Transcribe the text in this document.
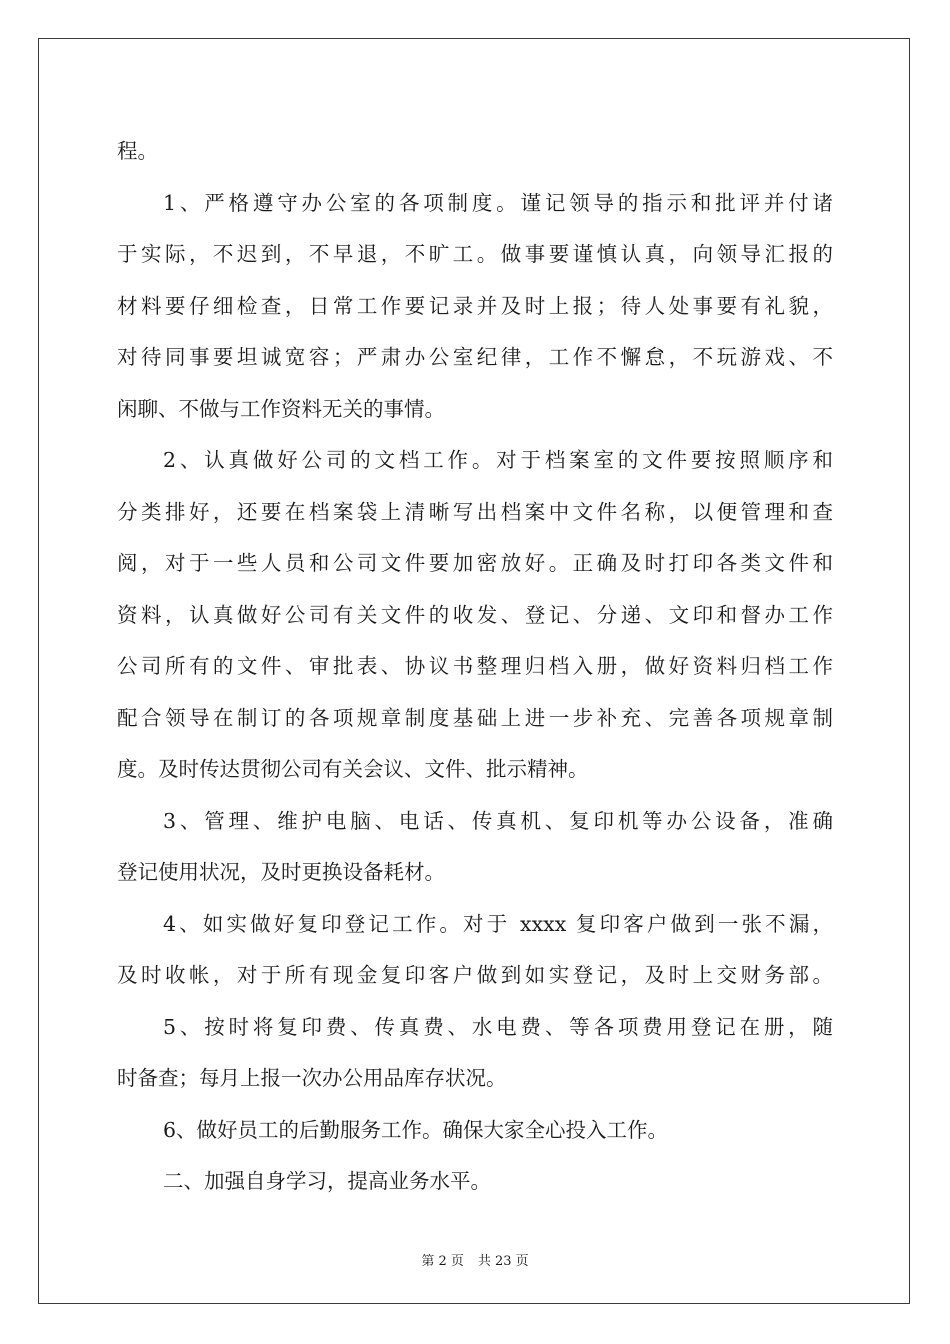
程。
1、严格遵守办公室的各项制度。谨记领导的指示和批评并付诸
于实际，不迟到，不早退，不旷工。做事要谨慎认真，向领导汇报的
材料要仔细检查，日常工作要记录并及时上报；待人处事要有礼貌，
对待同事要坦诚宽容；严肃办公室纪律，工作不懈怠，不玩游戏、不
闲聊、不做与工作资料无关的事情。
2、认真做好公司的文档工作。对于档案室的文件要按照顺序和
分类排好，还要在档案袋上清晰写出档案中文件名称，以便管理和查
阅，对于一些人员和公司文件要加密放好。正确及时打印各类文件和
资料，认真做好公司有关文件的收发、登记、分递、文印和督办工作
公司所有的文件、审批表、协议书整理归档入册，做好资料归档工作
配合领导在制订的各项规章制度基础上进一步补充、完善各项规章制
度。及时传达贯彻公司有关会议、文件、批示精神。
3、管理、维护电脑、电话、传真机、复印机等办公设备，准确
登记使用状况，及时更换设备耗材。
4、如实做好复印登记工作。对于 xxxx 复印客户做到一张不漏，
及时收帐，对于所有现金复印客户做到如实登记，及时上交财务部。
5、按时将复印费、传真费、水电费、等各项费用登记在册，随
时备查；每月上报一次办公用品库存状况。
6、做好员工的后勤服务工作。确保大家全心投入工作。
二、加强自身学习，提高业务水平。
第 2 页 共 23 页
